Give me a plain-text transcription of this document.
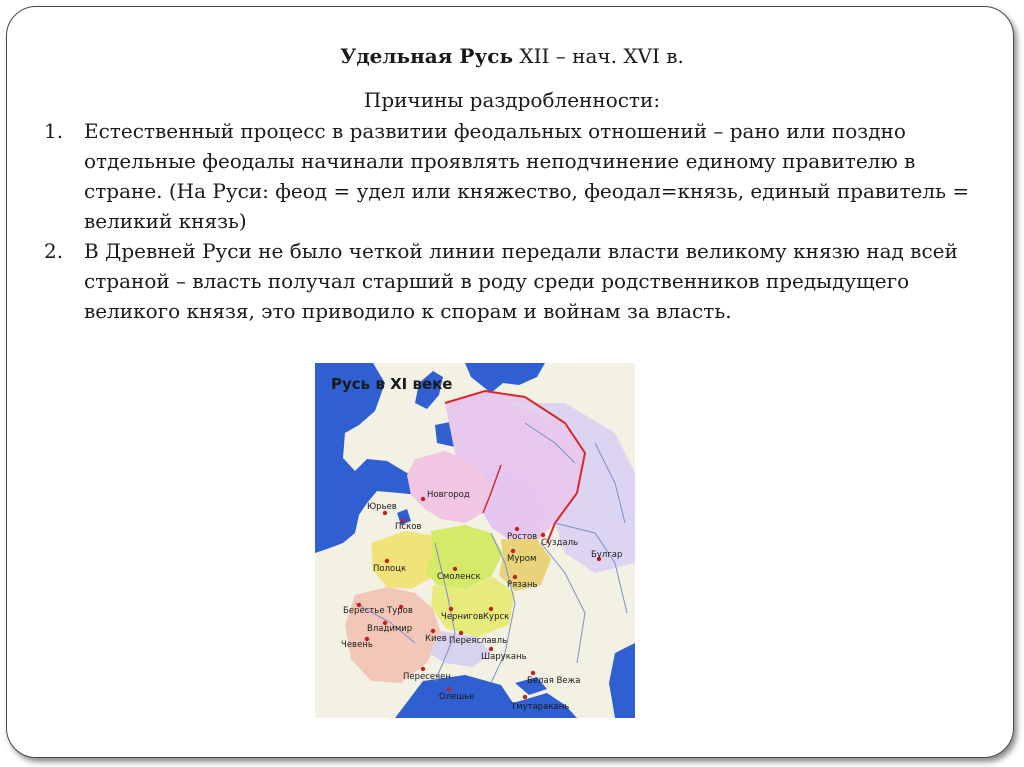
Удельная Русь XII – нач. XVI в.
Причины раздробленности:
1. Естественный процесс в развитии феодальных отношений – рано или поздно отдельные феодалы начинали проявлять неподчинение единому правителю в стране. (На Руси: феод = удел или княжество, феодал=князь, единый правитель = великий князь)
2. В Древней Руси не было четкой линии передали власти великому князю над всей страной – власть получал старший в роду среди родственников предыдущего великого князя, это приводило к спорам и войнам за власть.
Русь в XI веке
Новгород
Юрьев
Псков
Ростов
Суздаль
Муром	Булгар
Полоцк
Смоленск
Рязань
Берестье Туров
Владимир
Чевень
Чернигов Курск
Киев Переяславль
Шарукань
Пересечен
Олешье
Белая Вежа
Тмутаракань
